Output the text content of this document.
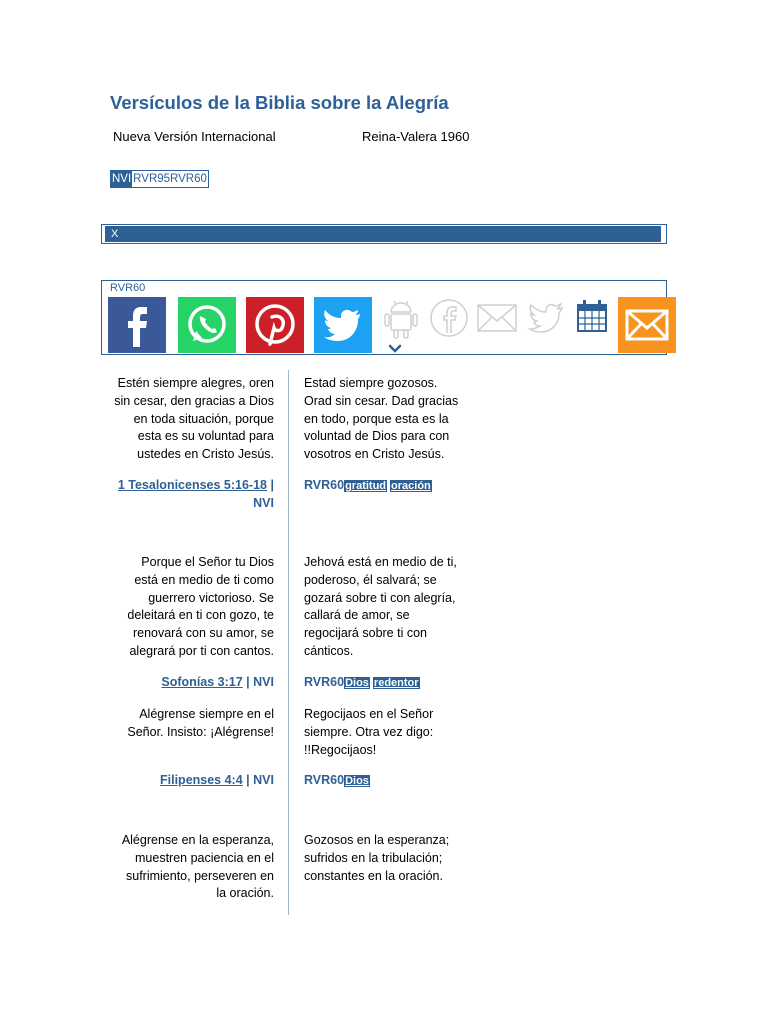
Versículos de la Biblia sobre la Alegría
Nueva Versión Internacional	Reina-Valera 1960
NVI RVR95RVR60
X
RVR60
Estén siempre alegres, oren
sin cesar, den gracias a Dios
en toda situación, porque
esta es su voluntad para
ustedes en Cristo Jesús.
1 Tesalonicenses 5:16-18 |
NVI
Estad siempre gozosos.
Orad sin cesar. Dad gracias
en todo, porque esta es la
voluntad de Dios para con
vosotros en Cristo Jesús.
RVR60gratitud oración
Porque el Señor tu Dios
está en medio de ti como
guerrero victorioso. Se
deleitará en ti con gozo, te
renovará con su amor, se
alegrará por ti con cantos.
Sofonías 3:17 | NVI
Jehová está en medio de ti,
poderoso, él salvará; se
gozará sobre ti con alegría,
callará de amor, se
regocijará sobre ti con
cánticos.
RVR60Dios redentor
Alégrense siempre en el
Señor. Insisto: ¡Alégrense!
Filipenses 4:4 | NVI
Regocijaos en el Señor
siempre. Otra vez digo:
!!Regocijaos!
RVR60Dios
Alégrense en la esperanza,
muestren paciencia en el
sufrimiento, perseveren en
la oración.
Gozosos en la esperanza;
sufridos en la tribulación;
constantes en la oración.
